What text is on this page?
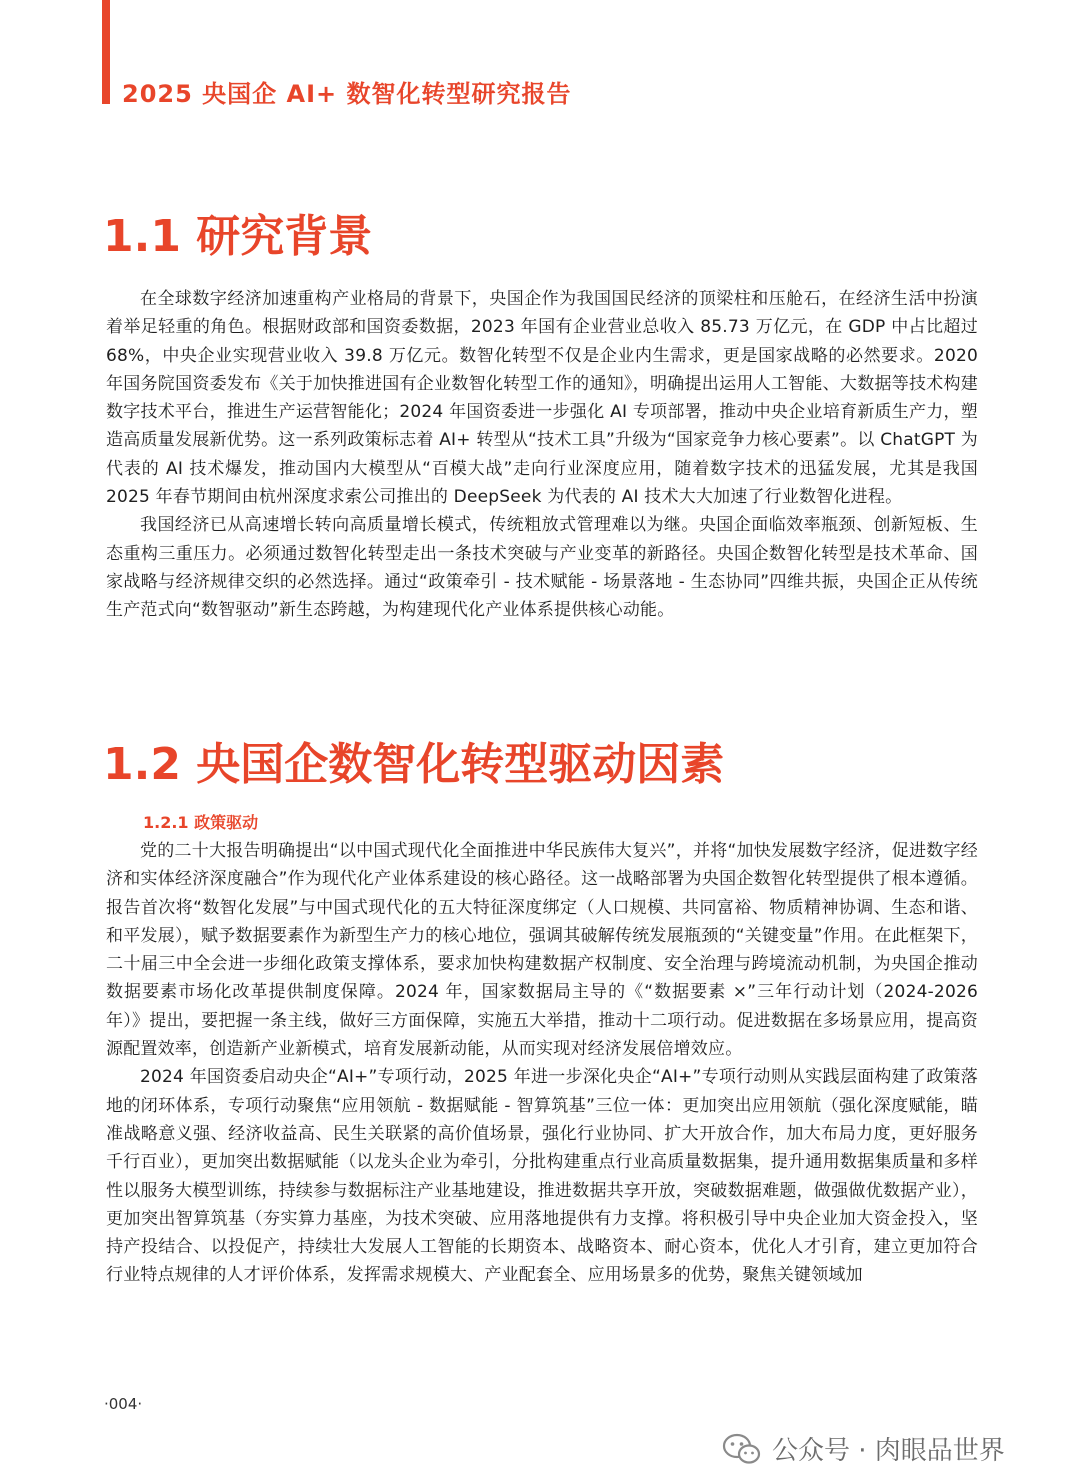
2025 央国企 AI+ 数智化转型研究报告
1.1 研究背景

在全球数字经济加速重构产业格局的背景下，央国企作为我国国民经济的顶梁柱和压舱石，在经济生活中扮演着举足轻重的角色。根据财政部和国资委数据，2023 年国有企业营业总收入 85.73 万亿元，在 GDP 中占比超过 68%，中央企业实现营业收入 39.8 万亿元。数智化转型不仅是企业内生需求，更是国家战略的必然要求。2020 年国务院国资委发布《关于加快推进国有企业数智化转型工作的通知》，明确提出运用人工智能、大数据等技术构建数字技术平台，推进生产运营智能化；2024 年国资委进一步强化 AI 专项部署，推动中央企业培育新质生产力，塑造高质量发展新优势。这一系列政策标志着 AI+ 转型从“技术工具”升级为“国家竞争力核心要素”。以 ChatGPT 为代表的 AI 技术爆发，推动国内大模型从“百模大战”走向行业深度应用，随着数字技术的迅猛发展，尤其是我国 2025 年春节期间由杭州深度求索公司推出的 DeepSeek 为代表的 AI 技术大大加速了行业数智化进程。

我国经济已从高速增长转向高质量增长模式，传统粗放式管理难以为继。央国企面临效率瓶颈、创新短板、生态重构三重压力。必须通过数智化转型走出一条技术突破与产业变革的新路径。央国企数智化转型是技术革命、国家战略与经济规律交织的必然选择。通过“政策牵引 - 技术赋能 - 场景落地 - 生态协同”四维共振，央国企正从传统生产范式向“数智驱动”新生态跨越，为构建现代化产业体系提供核心动能。

1.2 央国企数智化转型驱动因素
1.2.1 政策驱动

党的二十大报告明确提出“以中国式现代化全面推进中华民族伟大复兴”，并将“加快发展数字经济，促进数字经济和实体经济深度融合”作为现代化产业体系建设的核心路径。这一战略部署为央国企数智化转型提供了根本遵循。报告首次将“数智化发展”与中国式现代化的五大特征深度绑定（人口规模、共同富裕、物质精神协调、生态和谐、和平发展），赋予数据要素作为新型生产力的核心地位，强调其破解传统发展瓶颈的“关键变量”作用。在此框架下，二十届三中全会进一步细化政策支撑体系，要求加快构建数据产权制度、安全治理与跨境流动机制，为央国企推动数据要素市场化改革提供制度保障。2024 年，国家数据局主导的《“数据要素 ×”三年行动计划（2024-2026 年）》提出，要把握一条主线，做好三方面保障，实施五大举措，推动十二项行动。促进数据在多场景应用，提高资源配置效率，创造新产业新模式，培育发展新动能，从而实现对经济发展倍增效应。

2024 年国资委启动央企“AI+”专项行动，2025 年进一步深化央企“AI+”专项行动则从实践层面构建了政策落地的闭环体系，专项行动聚焦“应用领航 - 数据赋能 - 智算筑基”三位一体：更加突出应用领航（强化深度赋能，瞄准战略意义强、经济收益高、民生关联紧的高价值场景，强化行业协同、扩大开放合作，加大布局力度，更好服务千行百业），更加突出数据赋能（以龙头企业为牵引，分批构建重点行业高质量数据集，提升通用数据集质量和多样性以服务大模型训练，持续参与数据标注产业基地建设，推进数据共享开放，突破数据难题，做强做优数据产业），更加突出智算筑基（夯实算力基座，为技术突破、应用落地提供有力支撑。将积极引导中央企业加大资金投入，坚持产投结合、以投促产，持续壮大发展人工智能的长期资本、战略资本、耐心资本，优化人才引育，建立更加符合行业特点规律的人才评价体系，发挥需求规模大、产业配套全、应用场景多的优势，聚焦关键领域加

·004·
公众号 · 肉眼品世界
